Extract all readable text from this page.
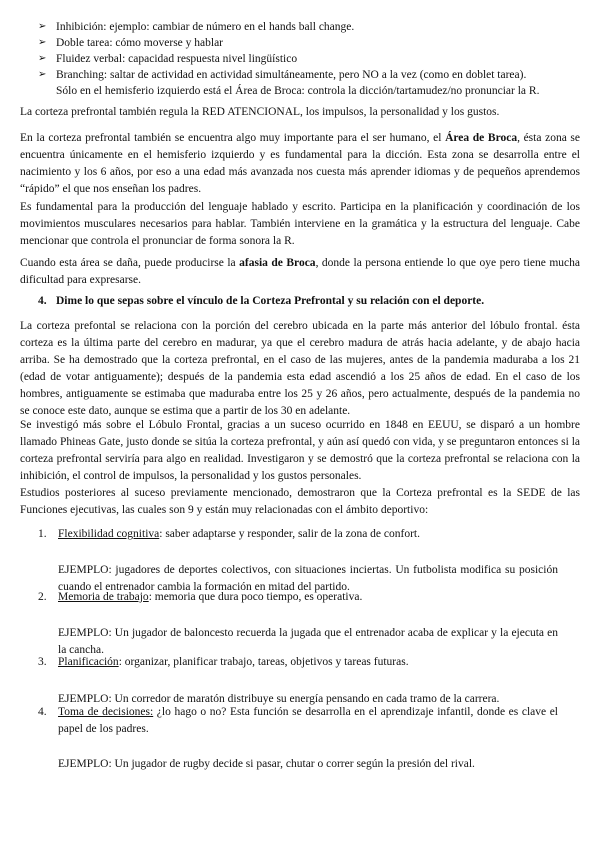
➢ Inhibición: ejemplo: cambiar de número en el hands ball change.
➢ Doble tarea: cómo moverse y hablar
➢ Fluidez verbal: capacidad respuesta nivel lingüístico
➢ Branching: saltar de actividad en actividad simultáneamente, pero NO a la vez (como en doblet tarea).
Sólo en el hemisferio izquierdo está el Área de Broca: controla la dicción/tartamudez/no pronunciar la R.

La corteza prefrontal también regula la RED ATENCIONAL, los impulsos, la personalidad y los gustos.

En la corteza prefrontal también se encuentra algo muy importante para el ser humano, el Área de Broca, ésta zona se encuentra únicamente en el hemisferio izquierdo y es fundamental para la dicción. Esta zona se desarrolla entre el nacimiento y los 6 años, por eso a una edad más avanzada nos cuesta más aprender idiomas y de pequeños aprendemos “rápido” el que nos enseñan los padres.

Es fundamental para la producción del lenguaje hablado y escrito. Participa en la planificación y coordinación de los movimientos musculares necesarios para hablar. También interviene en la gramática y la estructura del lenguaje. Cabe mencionar que controla el pronunciar de forma sonora la R.

Cuando esta área se daña, puede producirse la afasia de Broca, donde la persona entiende lo que oye pero tiene mucha dificultad para expresarse.

4. Dime lo que sepas sobre el vínculo de la Corteza Prefrontal y su relación con el deporte.

La corteza prefontal se relaciona con la porción del cerebro ubicada en la parte más anterior del lóbulo frontal. ésta corteza es la última parte del cerebro en madurar, ya que el cerebro madura de atrás hacia adelante, y de abajo hacia arriba. Se ha demostrado que la corteza prefrontal, en el caso de las mujeres, antes de la pandemia maduraba a los 21 (edad de votar antiguamente); después de la pandemia esta edad ascendió a los 25 años de edad. En el caso de los hombres, antiguamente se estimaba que maduraba entre los 25 y 26 años, pero actualmente, después de la pandemia no se conoce este dato, aunque se estima que a partir de los 30 en adelante.

Se investigó más sobre el Lóbulo Frontal, gracias a un suceso ocurrido en 1848 en EEUU, se disparó a un hombre llamado Phineas Gate, justo donde se sitúa la corteza prefrontal, y aún así quedó con vida, y se preguntaron entonces si la corteza prefrontal serviría para algo en realidad. Investigaron y se demostró que la corteza prefrontal se relaciona con la inhibición, el control de impulsos, la personalidad y los gustos personales.

Estudios posteriores al suceso previamente mencionado, demostraron que la Corteza prefrontal es la SEDE de las Funciones ejecutivas, las cuales son 9 y están muy relacionadas con el ámbito deportivo:

1. Flexibilidad cognitiva: saber adaptarse y responder, salir de la zona de confort.

EJEMPLO: jugadores de deportes colectivos, con situaciones inciertas. Un futbolista modifica su posición cuando el entrenador cambia la formación en mitad del partido.

2. Memoria de trabajo: memoria que dura poco tiempo, es operativa.

EJEMPLO: Un jugador de baloncesto recuerda la jugada que el entrenador acaba de explicar y la ejecuta en la cancha.

3. Planificación: organizar, planificar trabajo, tareas, objetivos y tareas futuras.

EJEMPLO: Un corredor de maratón distribuye su energía pensando en cada tramo de la carrera.

4. Toma de decisiones: ¿lo hago o no? Esta función se desarrolla en el aprendizaje infantil, donde es clave el papel de los padres.

EJEMPLO: Un jugador de rugby decide si pasar, chutar o correr según la presión del rival.
